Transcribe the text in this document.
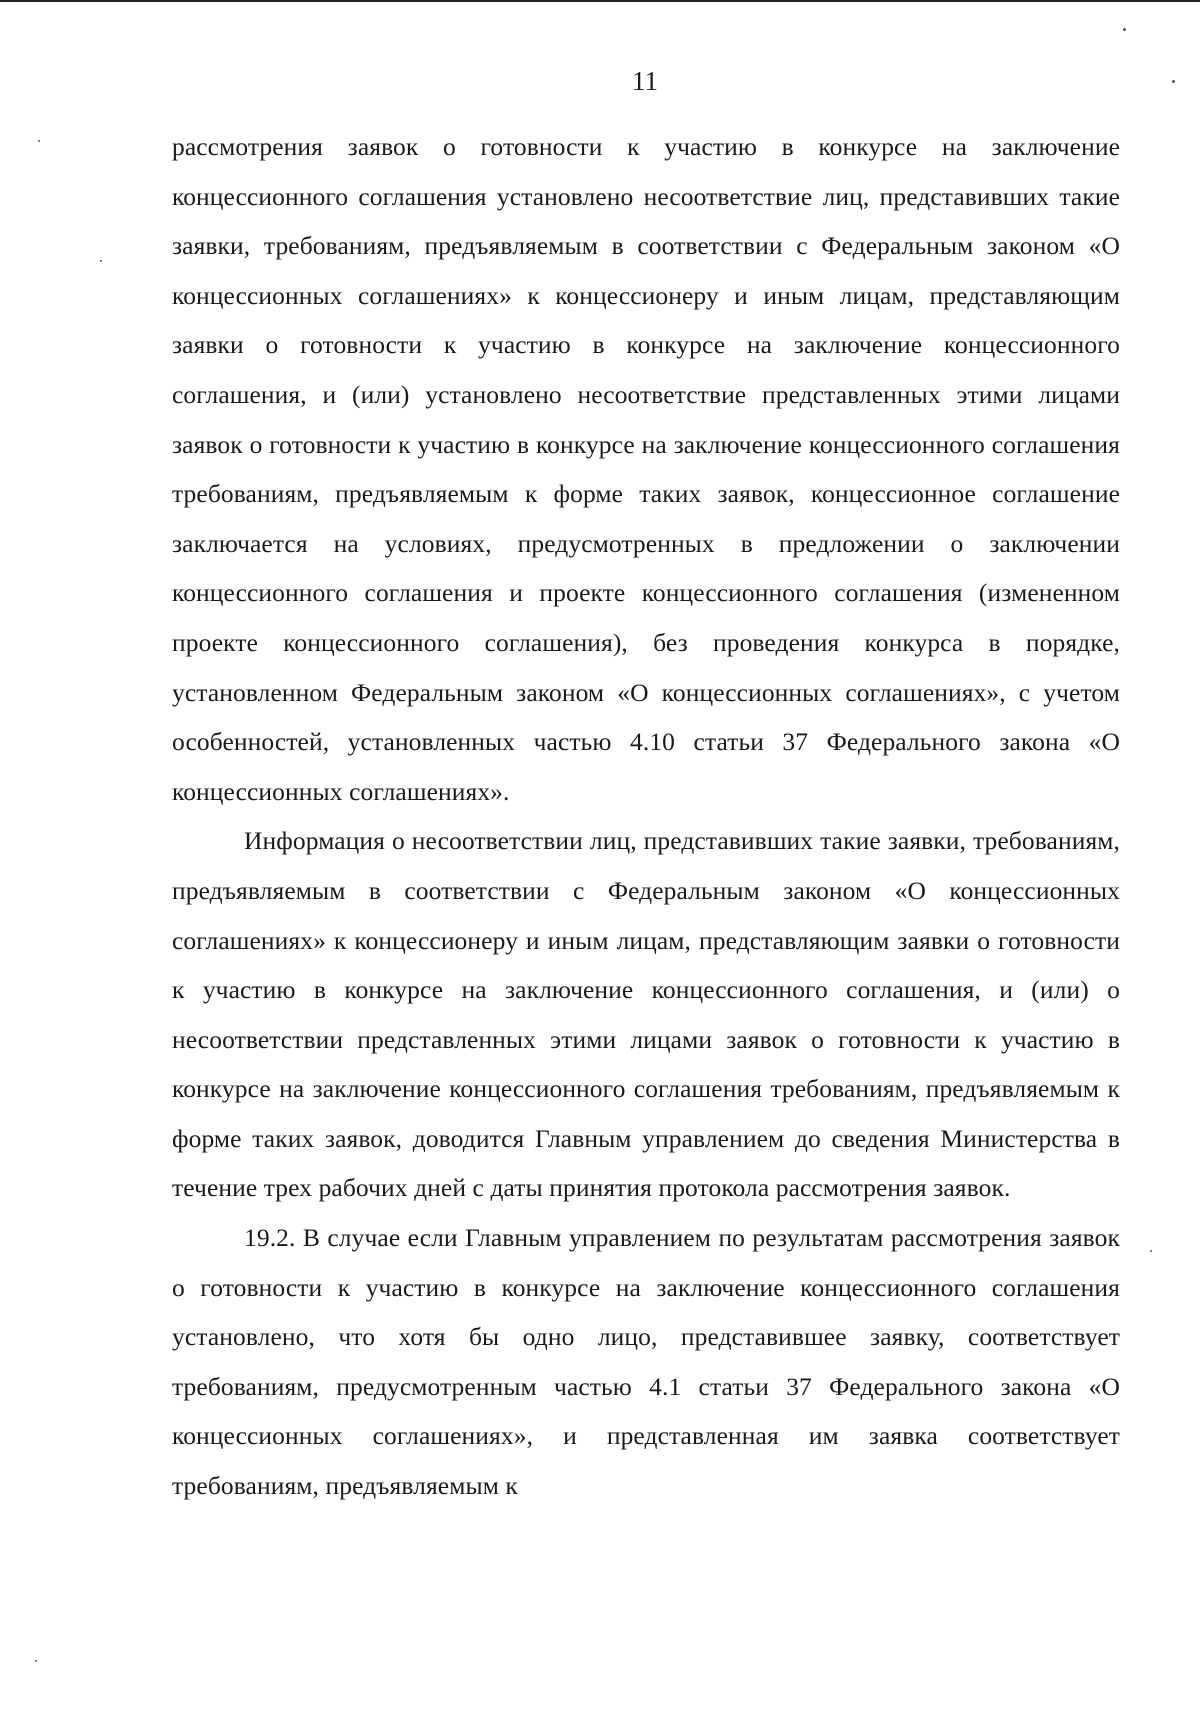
11

рассмотрения заявок о готовности к участию в конкурсе на заключение концессионного соглашения установлено несоответствие лиц, представивших такие заявки, требованиям, предъявляемым в соответствии с Федеральным законом «О концессионных соглашениях» к концессионеру и иным лицам, представляющим заявки о готовности к участию в конкурсе на заключение концессионного соглашения, и (или) установлено несоответствие представленных этими лицами заявок о готовности к участию в конкурсе на заключение концессионного соглашения требованиям, предъявляемым к форме таких заявок, концессионное соглашение заключается на условиях, предусмотренных в предложении о заключении концессионного соглашения и проекте концессионного соглашения (измененном проекте концессионного соглашения), без проведения конкурса в порядке, установленном Федеральным законом «О концессионных соглашениях», с учетом особенностей, установленных частью 4.10 статьи 37 Федерального закона «О концессионных соглашениях».

Информация о несоответствии лиц, представивших такие заявки, требованиям, предъявляемым в соответствии с Федеральным законом «О концессионных соглашениях» к концессионеру и иным лицам, представляющим заявки о готовности к участию в конкурсе на заключение концессионного соглашения, и (или) о несоответствии представленных этими лицами заявок о готовности к участию в конкурсе на заключение концессионного соглашения требованиям, предъявляемым к форме таких заявок, доводится Главным управлением до сведения Министерства в течение трех рабочих дней с даты принятия протокола рассмотрения заявок.

19.2. В случае если Главным управлением по результатам рассмотрения заявок о готовности к участию в конкурсе на заключение концессионного соглашения установлено, что хотя бы одно лицо, представившее заявку, соответствует требованиям, предусмотренным частью 4.1 статьи 37 Федерального закона «О концессионных соглашениях», и представленная им заявка соответствует требованиям, предъявляемым к
